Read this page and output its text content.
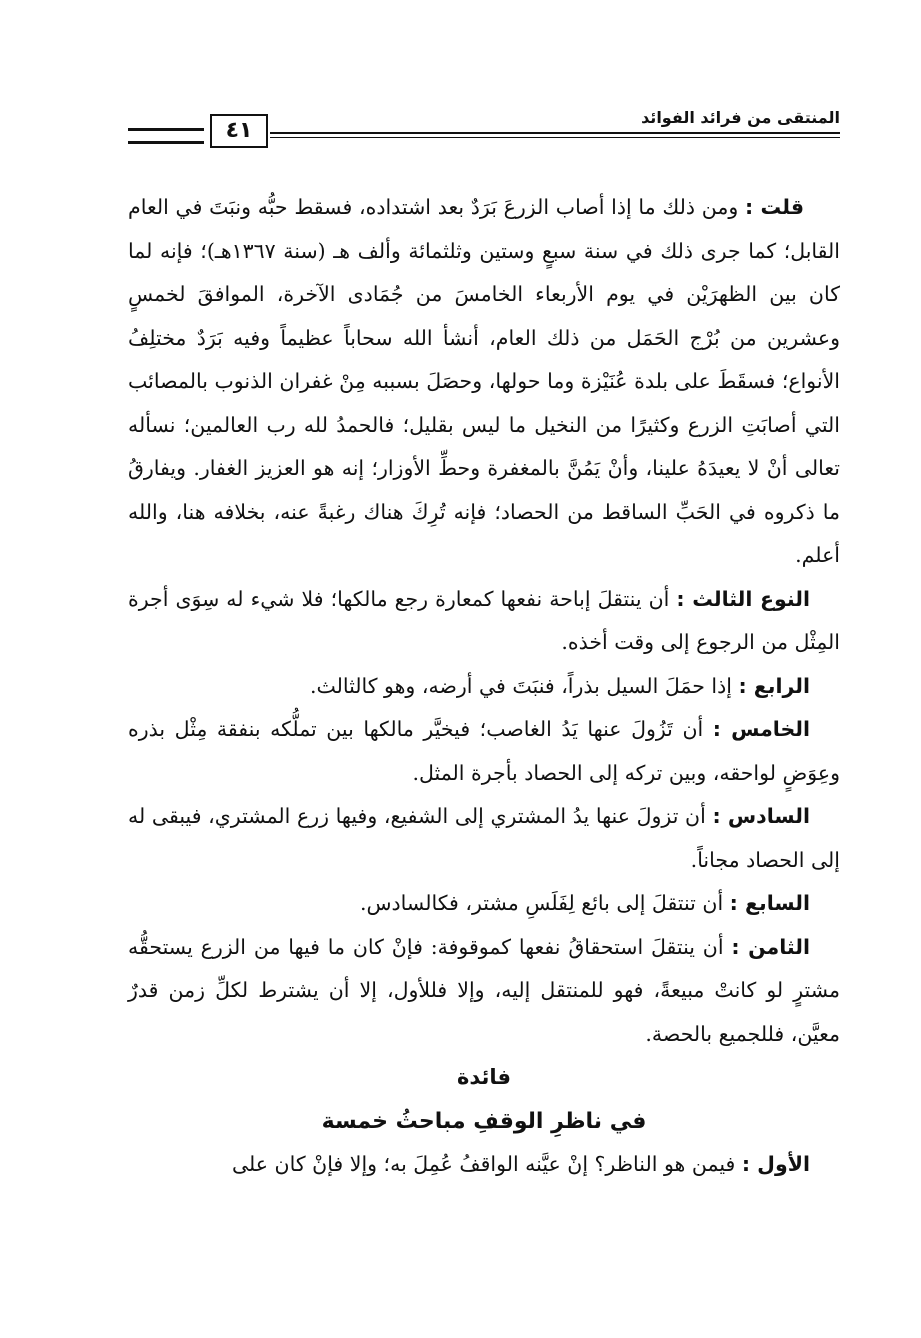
المنتقى من فرائد الفوائد
٤١

قلت : ومن ذلك ما إذا أصاب الزرعَ بَرَدٌ بعد اشتداده، فسقط حبُّه ونبَتَ في العام القابل؛ كما جرى ذلك في سنة سبعٍ وستين وثلثمائة وألف هـ (سنة ١٣٦٧هـ)؛ فإنه لما كان بين الظهرَيْن في يوم الأربعاء الخامسَ من جُمَادى الآخرة، الموافقَ لخمسٍ وعشرين من بُرْج الحَمَل من ذلك العام، أنشأ الله سحاباً عظيماً وفيه بَرَدٌ مختلِفُ الأنواع؛ فسقَطَ على بلدة عُنَيْزة وما حولها، وحصَلَ بسببه مِنْ غفران الذنوب بالمصائب التي أصابَتِ الزرع وكثيرًا من النخيل ما ليس بقليل؛ فالحمدُ لله رب العالمين؛ نسأله تعالى أنْ لا يعيدَهُ علينا، وأنْ يَمُنَّ بالمغفرة وحطِّ الأوزار؛ إنه هو العزيز الغفار. ويفارقُ ما ذكروه في الحَبِّ الساقط من الحصاد؛ فإنه تُرِكَ هناك رغبةً عنه، بخلافه هنا، والله أعلم.

النوع الثالث : أن ينتقلَ إباحة نفعها كمعارة رجع مالكها؛ فلا شيء له سِوَى أجرة المِثْل من الرجوع إلى وقت أخذه.

الرابع : إذا حمَلَ السيل بذراً، فنبَتَ في أرضه، وهو كالثالث.

الخامس : أن تَزُولَ عنها يَدُ الغاصب؛ فيخيَّر مالكها بين تملُّكه بنفقة مِثْل بذره وعِوَضٍ لواحقه، وبين تركه إلى الحصاد بأجرة المثل.

السادس : أن تزولَ عنها يدُ المشتري إلى الشفيع، وفيها زرع المشتري، فيبقى له إلى الحصاد مجاناً.

السابع : أن تنتقلَ إلى بائع لِفَلَسِ مشتر، فكالسادس.

الثامن : أن ينتقلَ استحقاقُ نفعها كموقوفة: فإنْ كان ما فيها من الزرع يستحقُّه مشترٍ لو كانتْ مبيعةً، فهو للمنتقل إليه، وإلا فللأول، إلا أن يشترط لكلِّ زمن قدرٌ معيَّن، فللجميع بالحصة.

فائدة

في ناظرِ الوقفِ مباحثُ خمسة

الأول : فيمن هو الناظر؟ إنْ عيَّنه الواقفُ عُمِلَ به؛ وإلا فإنْ كان على
